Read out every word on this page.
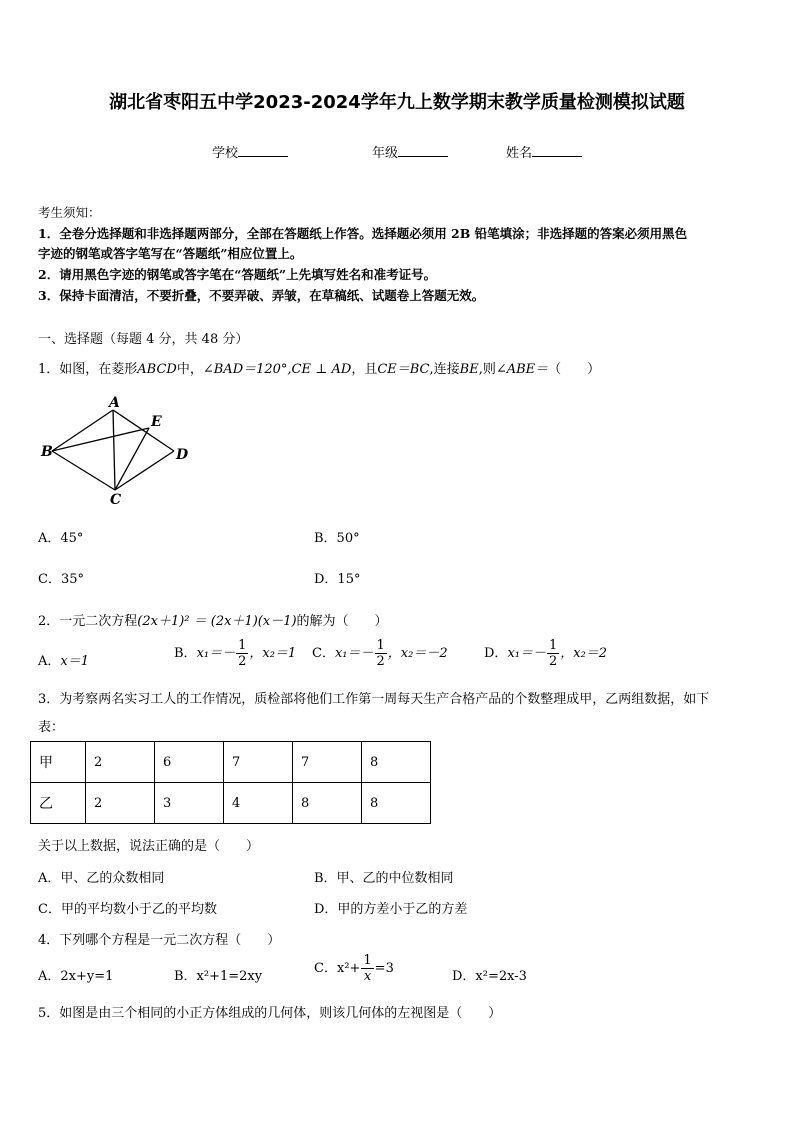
湖北省枣阳五中学2023-2024学年九上数学期末教学质量检测模拟试题
学校	年级	姓名
考生须知：
1．全卷分选择题和非选择题两部分，全部在答题纸上作答。选择题必须用 2B 铅笔填涂；非选择题的答案必须用黑色
字迹的钢笔或答字笔写在“答题纸”相应位置上。
2．请用黑色字迹的钢笔或答字笔在“答题纸”上先填写姓名和准考证号。
3．保持卡面清洁，不要折叠，不要弄破、弄皱，在草稿纸、试题卷上答题无效。
一、选择题（每题 4 分，共 48 分）
1．如图，在菱形ABCD中，∠BAD＝120°,CE ⊥ AD，且CE＝BC,连接BE,则∠ABE＝（　　）
A
E
B	D
C
A．45°	B．50°
C．35°	D．15°
2．一元二次方程(2x＋1)² ＝ (2x＋1)(x－1)的解为（　　）
A．x＝1
B．$x_1=- \frac{1}{2}$ ，x₂＝1 C．$x_1=- \frac{1}{2}$ ，x₂＝－2	D．$x_1=- \frac{1}{2}$ ，x₂＝2
3．为考察两名实习工人的工作情况，质检部将他们工作第一周每天生产合格产品的个数整理成甲，乙两组数据，如下
表：
甲	2	6	7	7	8
乙	2	3	4	8	8
关于以上数据，说法正确的是（　　）
A．甲、乙的众数相同	B．甲、乙的中位数相同
C．甲的平均数小于乙的平均数	D．甲的方差小于乙的方差
4．下列哪个方程是一元二次方程（　　）
A．2x+y=1	B．x²+1=2xy
C．$x^2+ \frac{1}{x} =3$
D．x²=2x-3
5．如图是由三个相同的小正方体组成的几何体，则该几何体的左视图是（　　）
